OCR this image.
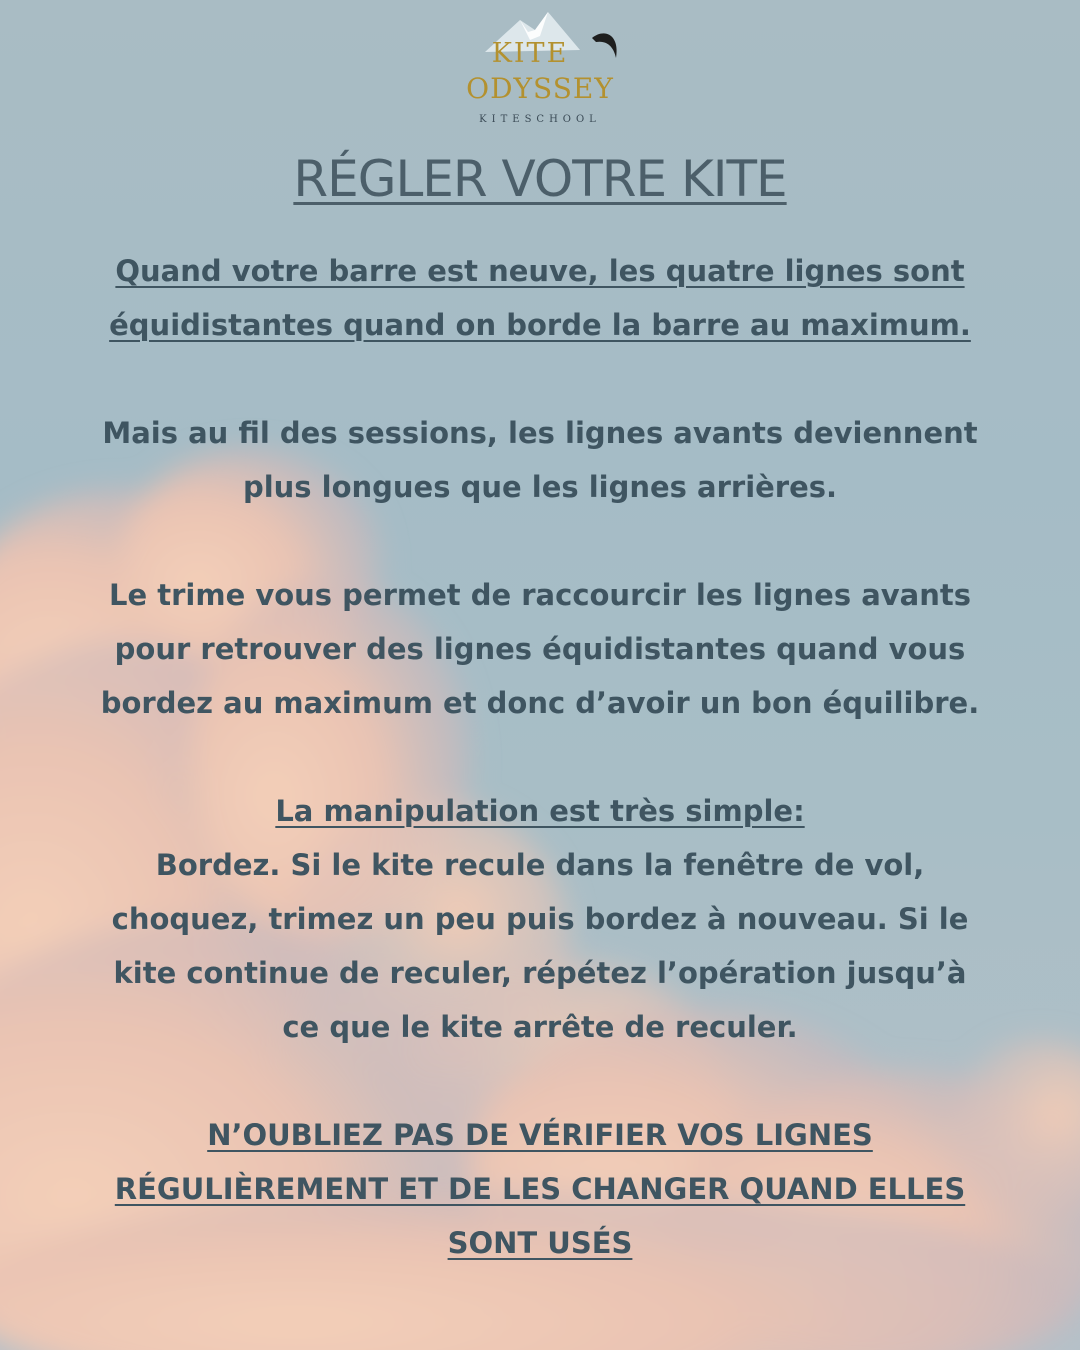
KITE
ODYSSEY
KITESCHOOL
RÉGLER VOTRE KITE

Quand votre barre est neuve, les quatre lignes sont

équidistantes quand on borde la barre au maximum.

Mais au fil des sessions, les lignes avants deviennent

plus longues que les lignes arrières.

Le trime vous permet de raccourcir les lignes avants

pour retrouver des lignes équidistantes quand vous

bordez au maximum et donc d’avoir un bon équilibre.

La manipulation est très simple:

Bordez. Si le kite recule dans la fenêtre de vol,

choquez, trimez un peu puis bordez à nouveau. Si le

kite continue de reculer, répétez l’opération jusqu’à

ce que le kite arrête de reculer.

N’OUBLIEZ PAS DE VÉRIFIER VOS LIGNES

RÉGULIÈREMENT ET DE LES CHANGER QUAND ELLES

SONT USÉS
